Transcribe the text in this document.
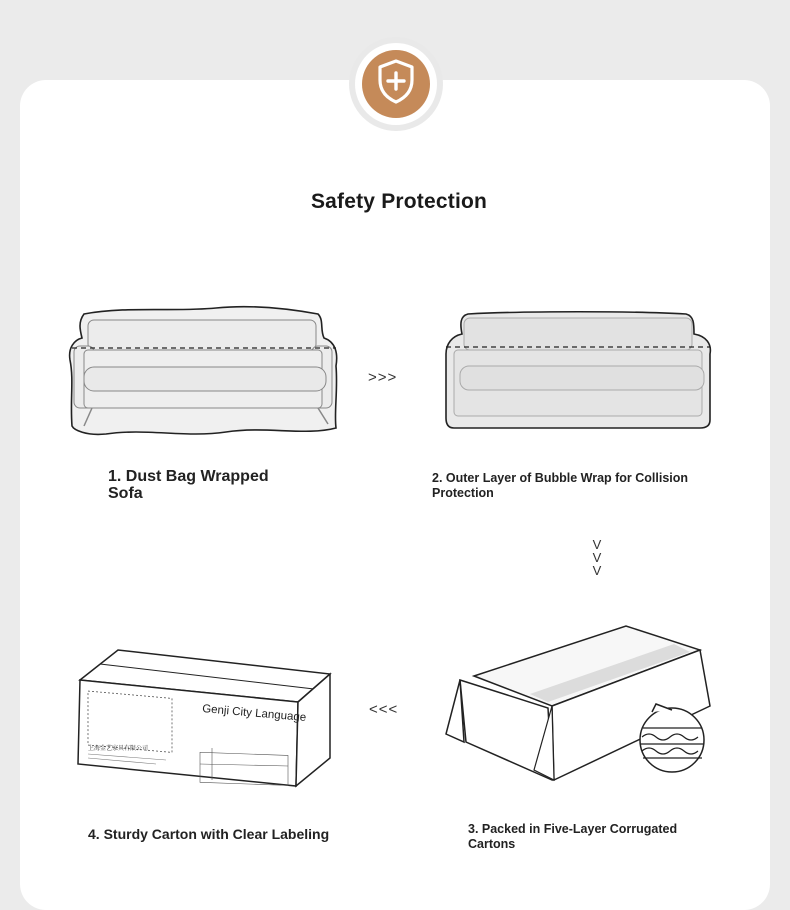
Safety Protection
>>>
V
V
V
<<<
上海金艺家具有限公司
Genji City Language
1. Dust Bag Wrapped Sofa
2. Outer Layer of Bubble Wrap for Collision Protection
3. Packed in Five-Layer Corrugated Cartons
4. Sturdy Carton with Clear Labeling
